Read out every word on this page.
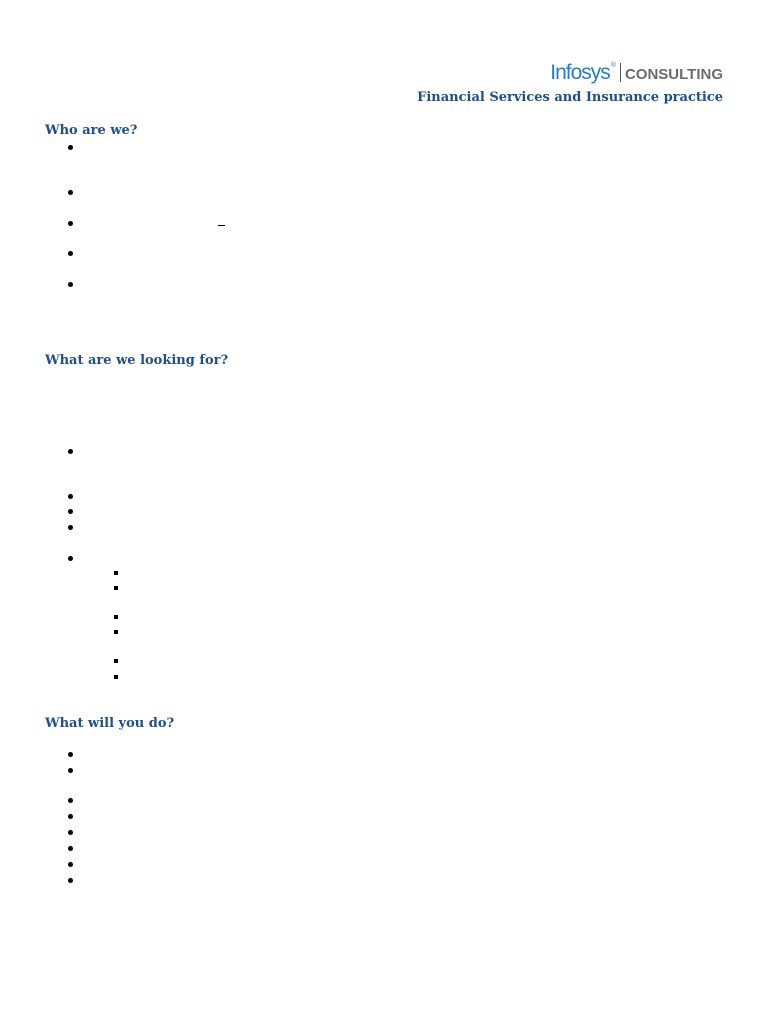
Infosys ®
CONSULTING
Financial Services and Insurance practice
Who are we?
What are we looking for?
What will you do?
